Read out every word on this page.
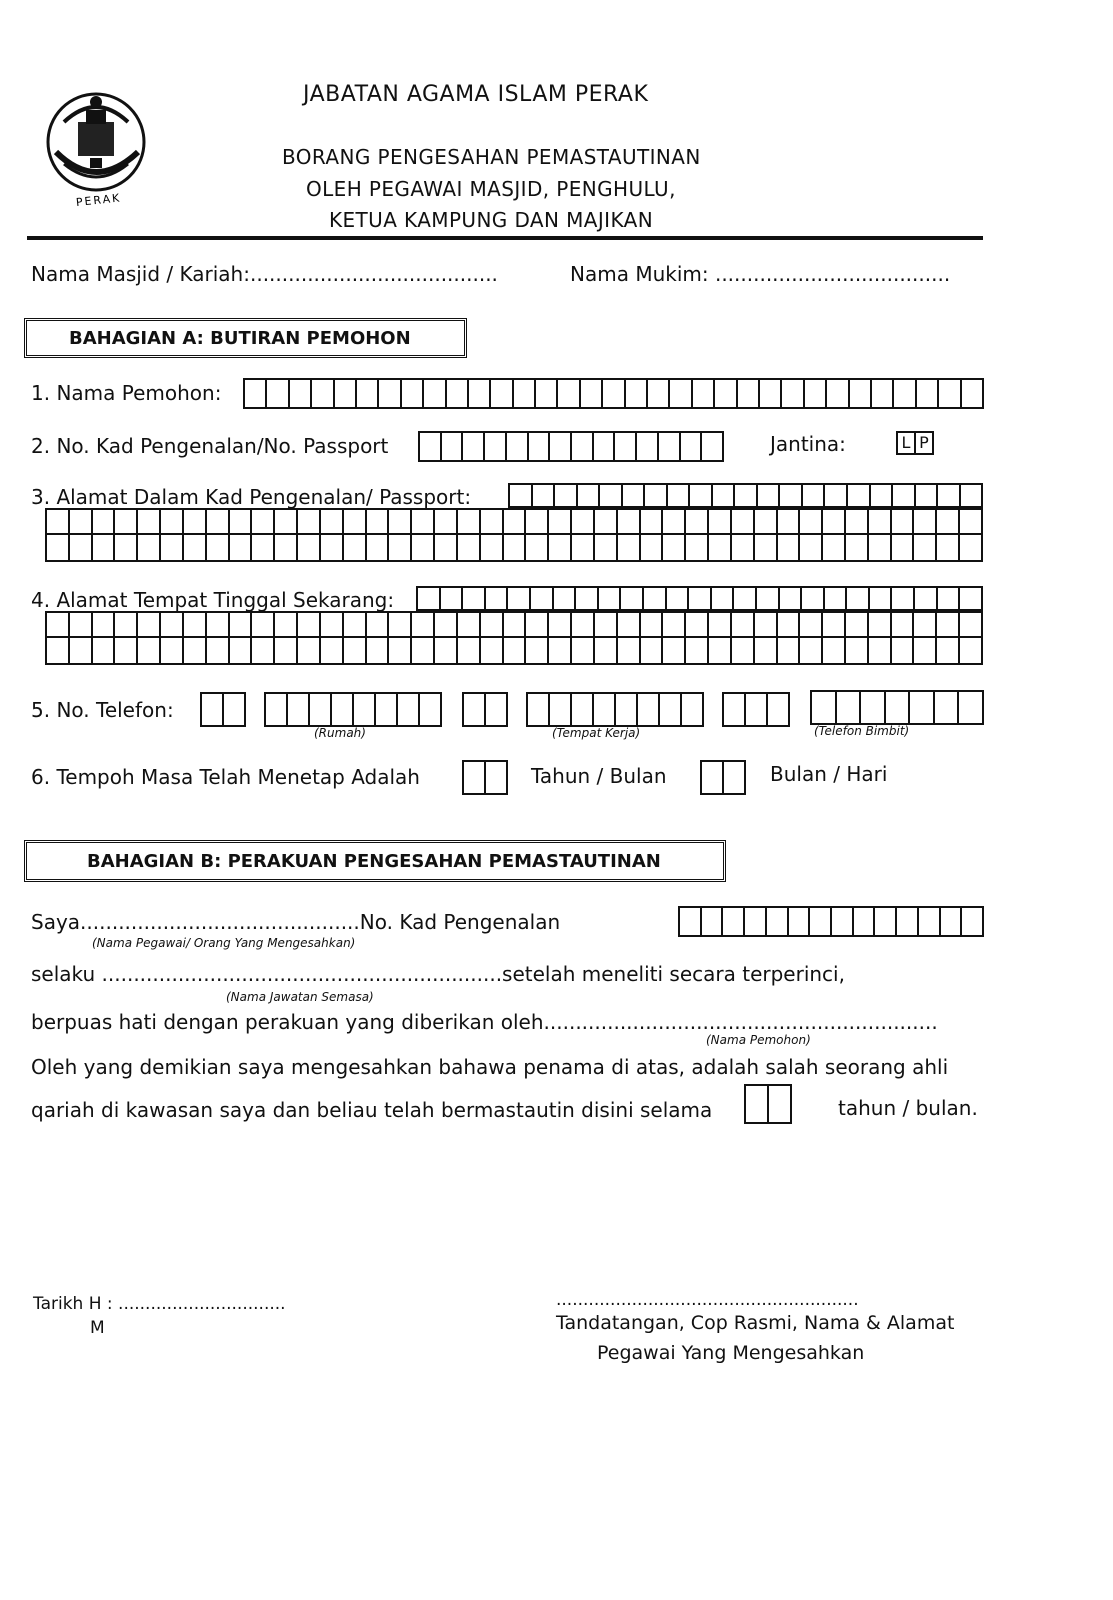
PERAK
JABATAN AGAMA ISLAM PERAK
BORANG PENGESAHAN PEMASTAUTINAN
OLEH PEGAWAI MASJID, PENGHULU,
KETUA KAMPUNG DAN MAJIKAN
Nama Masjid / Kariah:.......................................	Nama Mukim: .....................................
BAHAGIAN A: BUTIRAN PEMOHON
1. Nama Pemohon:
2. No. Kad Pengenalan/No. Passport	Jantina:	L P
3. Alamat Dalam Kad Pengenalan/ Passport:
4. Alamat Tempat Tinggal Sekarang:
5. No. Telefon:
(Rumah)	(Tempat Kerja)	(Telefon Bimbit)
6. Tempoh Masa Telah Menetap Adalah	Tahun / Bulan	Bulan / Hari
BAHAGIAN B: PERAKUAN PENGESAHAN PEMASTAUTINAN
Saya............................................No. Kad Pengenalan
(Nama Pegawai/ Orang Yang Mengesahkan)
selaku ...............................................................setelah meneliti secara terperinci,
(Nama Jawatan Semasa)
berpuas hati dengan perakuan yang diberikan oleh..............................................................
(Nama Pemohon)
Oleh yang demikian saya mengesahkan bahawa penama di atas, adalah salah seorang ahli
qariah di kawasan saya dan beliau telah bermastautin disini selama	tahun / bulan.
Tarikh H : ...............................
M
........................................................
Tandatangan, Cop Rasmi, Nama & Alamat
Pegawai Yang Mengesahkan
